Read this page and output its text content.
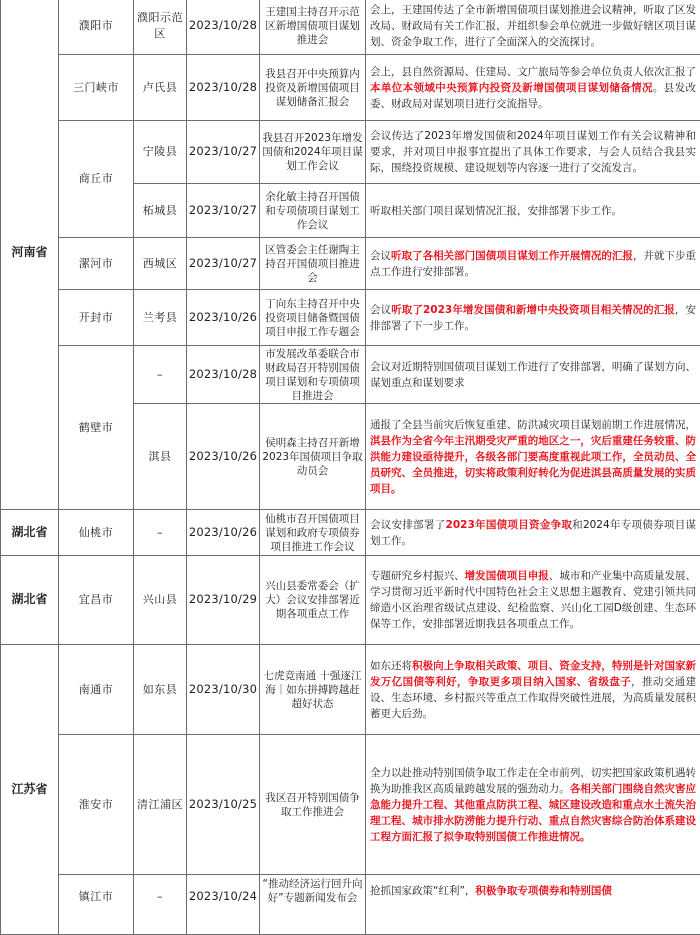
河南省	濮阳市	濮阳示范区	2023/10/28	王建国主持召开示范区新增国债项目谋划推进会	会上，王建国传达了全市新增国债项目谋划推进会议精神，听取了区发改局、财政局有关工作汇报，并组织参会单位就进一步做好辖区项目谋划、资金争取工作，进行了全面深入的交流探讨。
	三门峡市	卢氏县	2023/10/28	我县召开中央预算内投资及新增国债项目谋划储备汇报会	会上，县自然资源局、住建局、文广旅局等参会单位负责人依次汇报了本单位本领域中央预算内投资及新增国债项目谋划储备情况。县发改委、财政局对谋划项目进行交流指导。
	商丘市	宁陵县	2023/10/27	我县召开2023年增发国债和2024年项目谋划工作会议	会议传达了2023年增发国债和2024年项目谋划工作有关会议精神和要求，并对项目申报事宜提出了具体工作要求，与会人员结合我县实际，围绕投资规模、建设规划等内容逐一进行了交流发言。
		柘城县	2023/10/27	余化敏主持召开国债和专项债项目谋划工作会议	听取相关部门项目谋划情况汇报，安排部署下步工作。
	漯河市	西城区	2023/10/27	区管委会主任谢陶主持召开国债项目推进会	会议听取了各相关部门国债项目谋划工作开展情况的汇报，并就下步重点工作进行安排部署。
	开封市	兰考县	2023/10/26	丁向东主持召开中央投资项目储备暨国债项目申报工作专题会	会议听取了2023年增发国债和新增中央投资项目相关情况的汇报，安排部署了下一步工作。
	鹤壁市	–	2023/10/28	市发展改革委联合市财政局召开特别国债项目谋划和专项债项目推进会	会议对近期特别国债项目谋划工作进行了安排部署，明确了谋划方向、谋划重点和谋划要求
		淇县	2023/10/26	侯明森主持召开新增2023年国债项目争取动员会	通报了全县当前灾后恢复重建、防洪减灾项目谋划前期工作进展情况，淇县作为全省今年主汛期受灾严重的地区之一，灾后重建任务较重、防洪能力建设亟待提升，各级各部门要高度重视此项工作，全员动员、全员研究、全员推进，切实将政策利好转化为促进淇县高质量发展的实质项目。
湖北省	仙桃市	–	2023/10/26	仙桃市召开国债项目谋划和政府专项债券项目推进工作会议	会议安排部署了2023年国债项目资金争取和2024年专项债券项目谋划工作。
湖北省	宜昌市	兴山县	2023/10/29	兴山县委常委会（扩大）会议安排部署近期各项重点工作	专题研究乡村振兴、增发国债项目申报、城市和产业集中高质量发展、学习贯彻习近平新时代中国特色社会主义思想主题教育、党建引领共同缔造小区治理省级试点建设、纪检监察、兴山化工园D级创建、生态环保等工作，安排部署近期我县各项重点工作。
江苏省	南通市	如东县	2023/10/30	七虎竞南通 十强逐江海｜如东拼搏跨越赶超好状态	如东还将积极向上争取相关政策、项目、资金支持，特别是针对国家新发万亿国债等利好，争取更多项目纳入国家、省级盘子，推动交通建设、生态环境、乡村振兴等重点工作取得突破性进展，为高质量发展积蓄更大后劲。
	淮安市	清江浦区	2023/10/25	我区召开特别国债争取工作推进会	全力以赴推动特别国债争取工作走在全市前列，切实把国家政策机遇转换为助推我区高质量跨越发展的强劲动力。各相关部门围绕自然灾害应急能力提升工程、其他重点防洪工程、城区建设改造和重点水土流失治理工程、城市排水防涝能力提升行动、重点自然灾害综合防治体系建设工程方面汇报了拟争取特别国债工作推进情况。
	镇江市	–	2023/10/24	“推动经济运行回升向好”专题新闻发布会	抢抓国家政策“红利”，积极争取专项债券和特别国债
